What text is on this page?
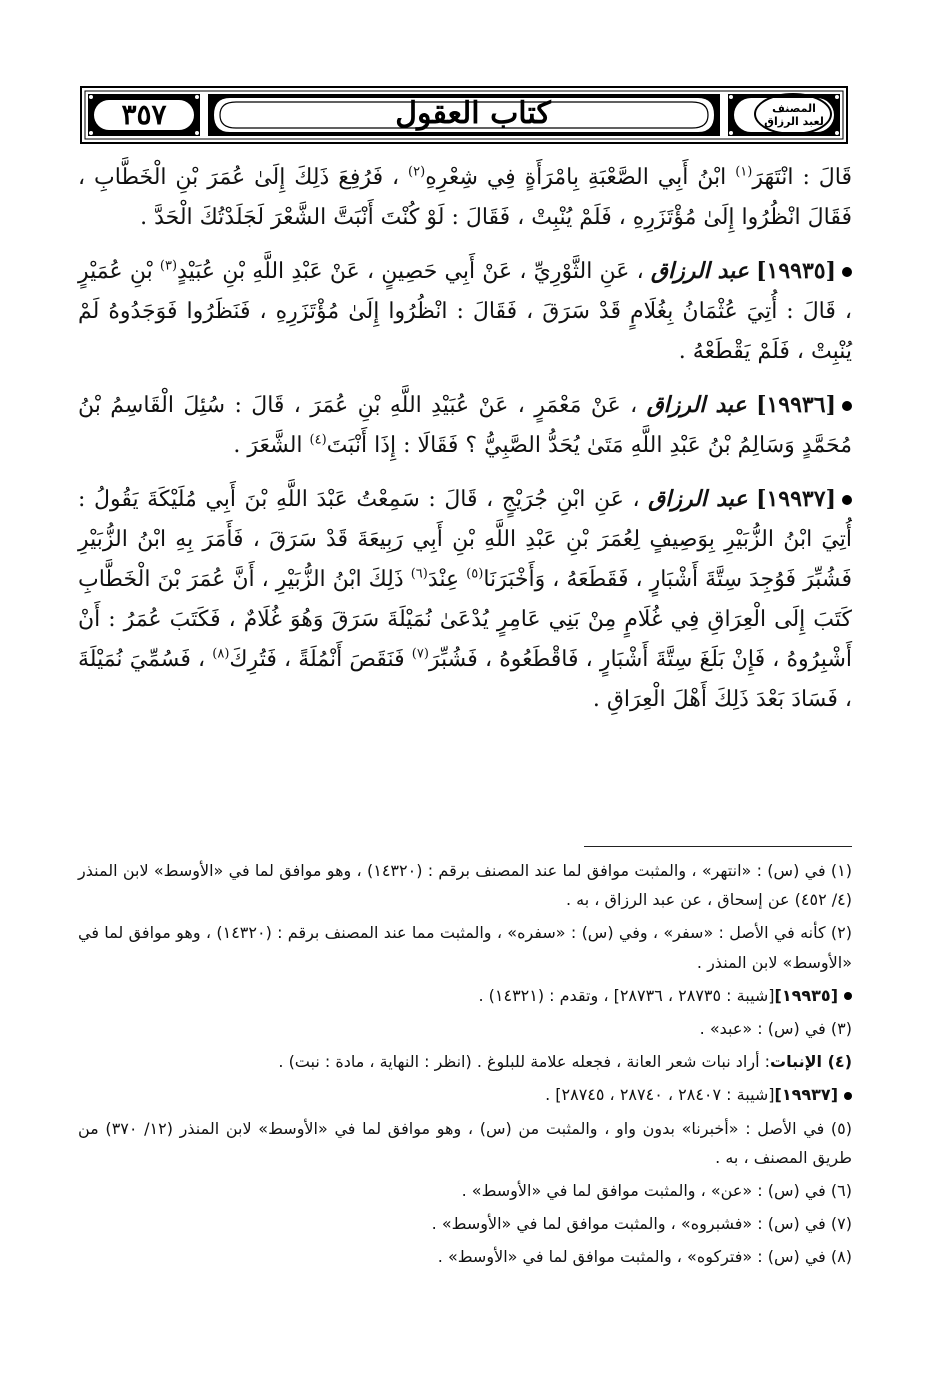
٣٥٧	كتاب العقول	المصنف
لعبد الرزاق

قَالَ : انْتَهَرَ$^{(١)}$ ابْنُ أَبِي الصَّعْبَةِ بِامْرَأَةٍ فِي شِعْرِهِ$^{(٢)}$ ، فَرُفِعَ ذَلِكَ إِلَىٰ عُمَرَ بْنِ الْخَطَّابِ ، فَقَالَ انْظُرُوا إِلَىٰ مُؤْتَزَرِهِ ، فَلَمْ يُنْبِتْ ، فَقَالَ : لَوْ كُنْتَ أَنْبَتَّ الشَّعْرَ لَجَلَدْتُكَ الْحَدَّ .

[١٩٩٣٥] عبد الرزاق ، عَنِ الثَّوْرِيِّ ، عَنْ أَبِي حَصِينٍ ، عَنْ عَبْدِ اللَّهِ بْنِ عُبَيْدٍ$^{(٣)}$ بْنِ عُمَيْرٍ ، قَالَ : أُتِيَ عُثْمَانُ بِغُلَامٍ قَدْ سَرَقَ ، فَقَالَ : انْظُرُوا إِلَىٰ مُؤْتَزَرِهِ ، فَنَظَرُوا فَوَجَدُوهُ لَمْ يُنْبِتْ ، فَلَمْ يَقْطَعْهُ .

[١٩٩٣٦] عبد الرزاق ، عَنْ مَعْمَرٍ ، عَنْ عُبَيْدِ اللَّهِ بْنِ عُمَرَ ، قَالَ : سُئِلَ الْقَاسِمُ بْنُ مُحَمَّدٍ وَسَالِمُ بْنُ عَبْدِ اللَّهِ مَتَىٰ يُحَدُّ الصَّبِيُّ ؟ فَقَالَا : إِذَا أَنْبَتَ$^{(٤)}$ الشَّعَرَ .

[١٩٩٣٧] عبد الرزاق ، عَنِ ابْنِ جُرَيْجٍ ، قَالَ : سَمِعْتُ عَبْدَ اللَّهِ بْنَ أَبِي مُلَيْكَةَ يَقُولُ : أُتِيَ ابْنُ الزُّبَيْرِ بِوَصِيفٍ لِعُمَرَ بْنِ عَبْدِ اللَّهِ بْنِ أَبِي رَبِيعَةَ قَدْ سَرَقَ ، فَأَمَرَ بِهِ ابْنُ الزُّبَيْرِ فَشُبِّرَ فَوُجِدَ سِتَّةَ أَشْبَارٍ ، فَقَطَعَهُ ، وَأَخْبَرَنَا$^{(٥)}$ عِنْدَ$^{(٦)}$ ذَلِكَ ابْنُ الزُّبَيْرِ ، أَنَّ عُمَرَ بْنَ الْخَطَّابِ كَتَبَ إِلَى الْعِرَاقِ فِي غُلَامٍ مِنْ بَنِي عَامِرٍ يُدْعَىٰ نُمَيْلَةَ سَرَقَ وَهُوَ غُلَامٌ ، فَكَتَبَ عُمَرُ : أَنْ أَشْبِرُوهُ ، فَإِنْ بَلَغَ سِتَّةَ أَشْبَارٍ ، فَاقْطَعُوهُ ، فَشُبِّرَ$^{(٧)}$ فَنَقَصَ أَنْمُلَةً ، فَتُرِكَ$^{(٨)}$ ، فَسُمِّيَ نُمَيْلَةَ ، فَسَادَ بَعْدَ ذَلِكَ أَهْلَ الْعِرَاقِ .

(١) في (س) : «انتهر» ، والمثبت موافق لما عند المصنف برقم : (١٤٣٢٠) ، وهو موافق لما في «الأوسط» لابن المنذر (٤/ ٤٥٢) عن إسحاق ، عن عبد الرزاق ، به .

(٢) كأنه في الأصل : «سفر» ، وفي (س) : «سفره» ، والمثبت مما عند المصنف برقم : (١٤٣٢٠) ، وهو موافق لما في «الأوسط» لابن المنذر .

[١٩٩٣٥][شيبة : ٢٨٧٣٥ ، ٢٨٧٣٦] ، وتقدم : (١٤٣٢١) .

(٣) في (س) : «عبد» .

(٤) الإنبات: أراد نبات شعر العانة ، فجعله علامة للبلوغ . (انظر : النهاية ، مادة : نبت) .

[١٩٩٣٧][شيبة : ٢٨٤٠٧ ، ٢٨٧٤٠ ، ٢٨٧٤٥] .

(٥) في الأصل : «أخبرنا» بدون واو ، والمثبت من (س) ، وهو موافق لما في «الأوسط» لابن المنذر (١٢/ ٣٧٠) من طريق المصنف ، به .

(٦) في (س) : «عن» ، والمثبت موافق لما في «الأوسط» .

(٧) في (س) : «فشبروه» ، والمثبت موافق لما في «الأوسط» .

(٨) في (س) : «فتركوه» ، والمثبت موافق لما في «الأوسط» .
